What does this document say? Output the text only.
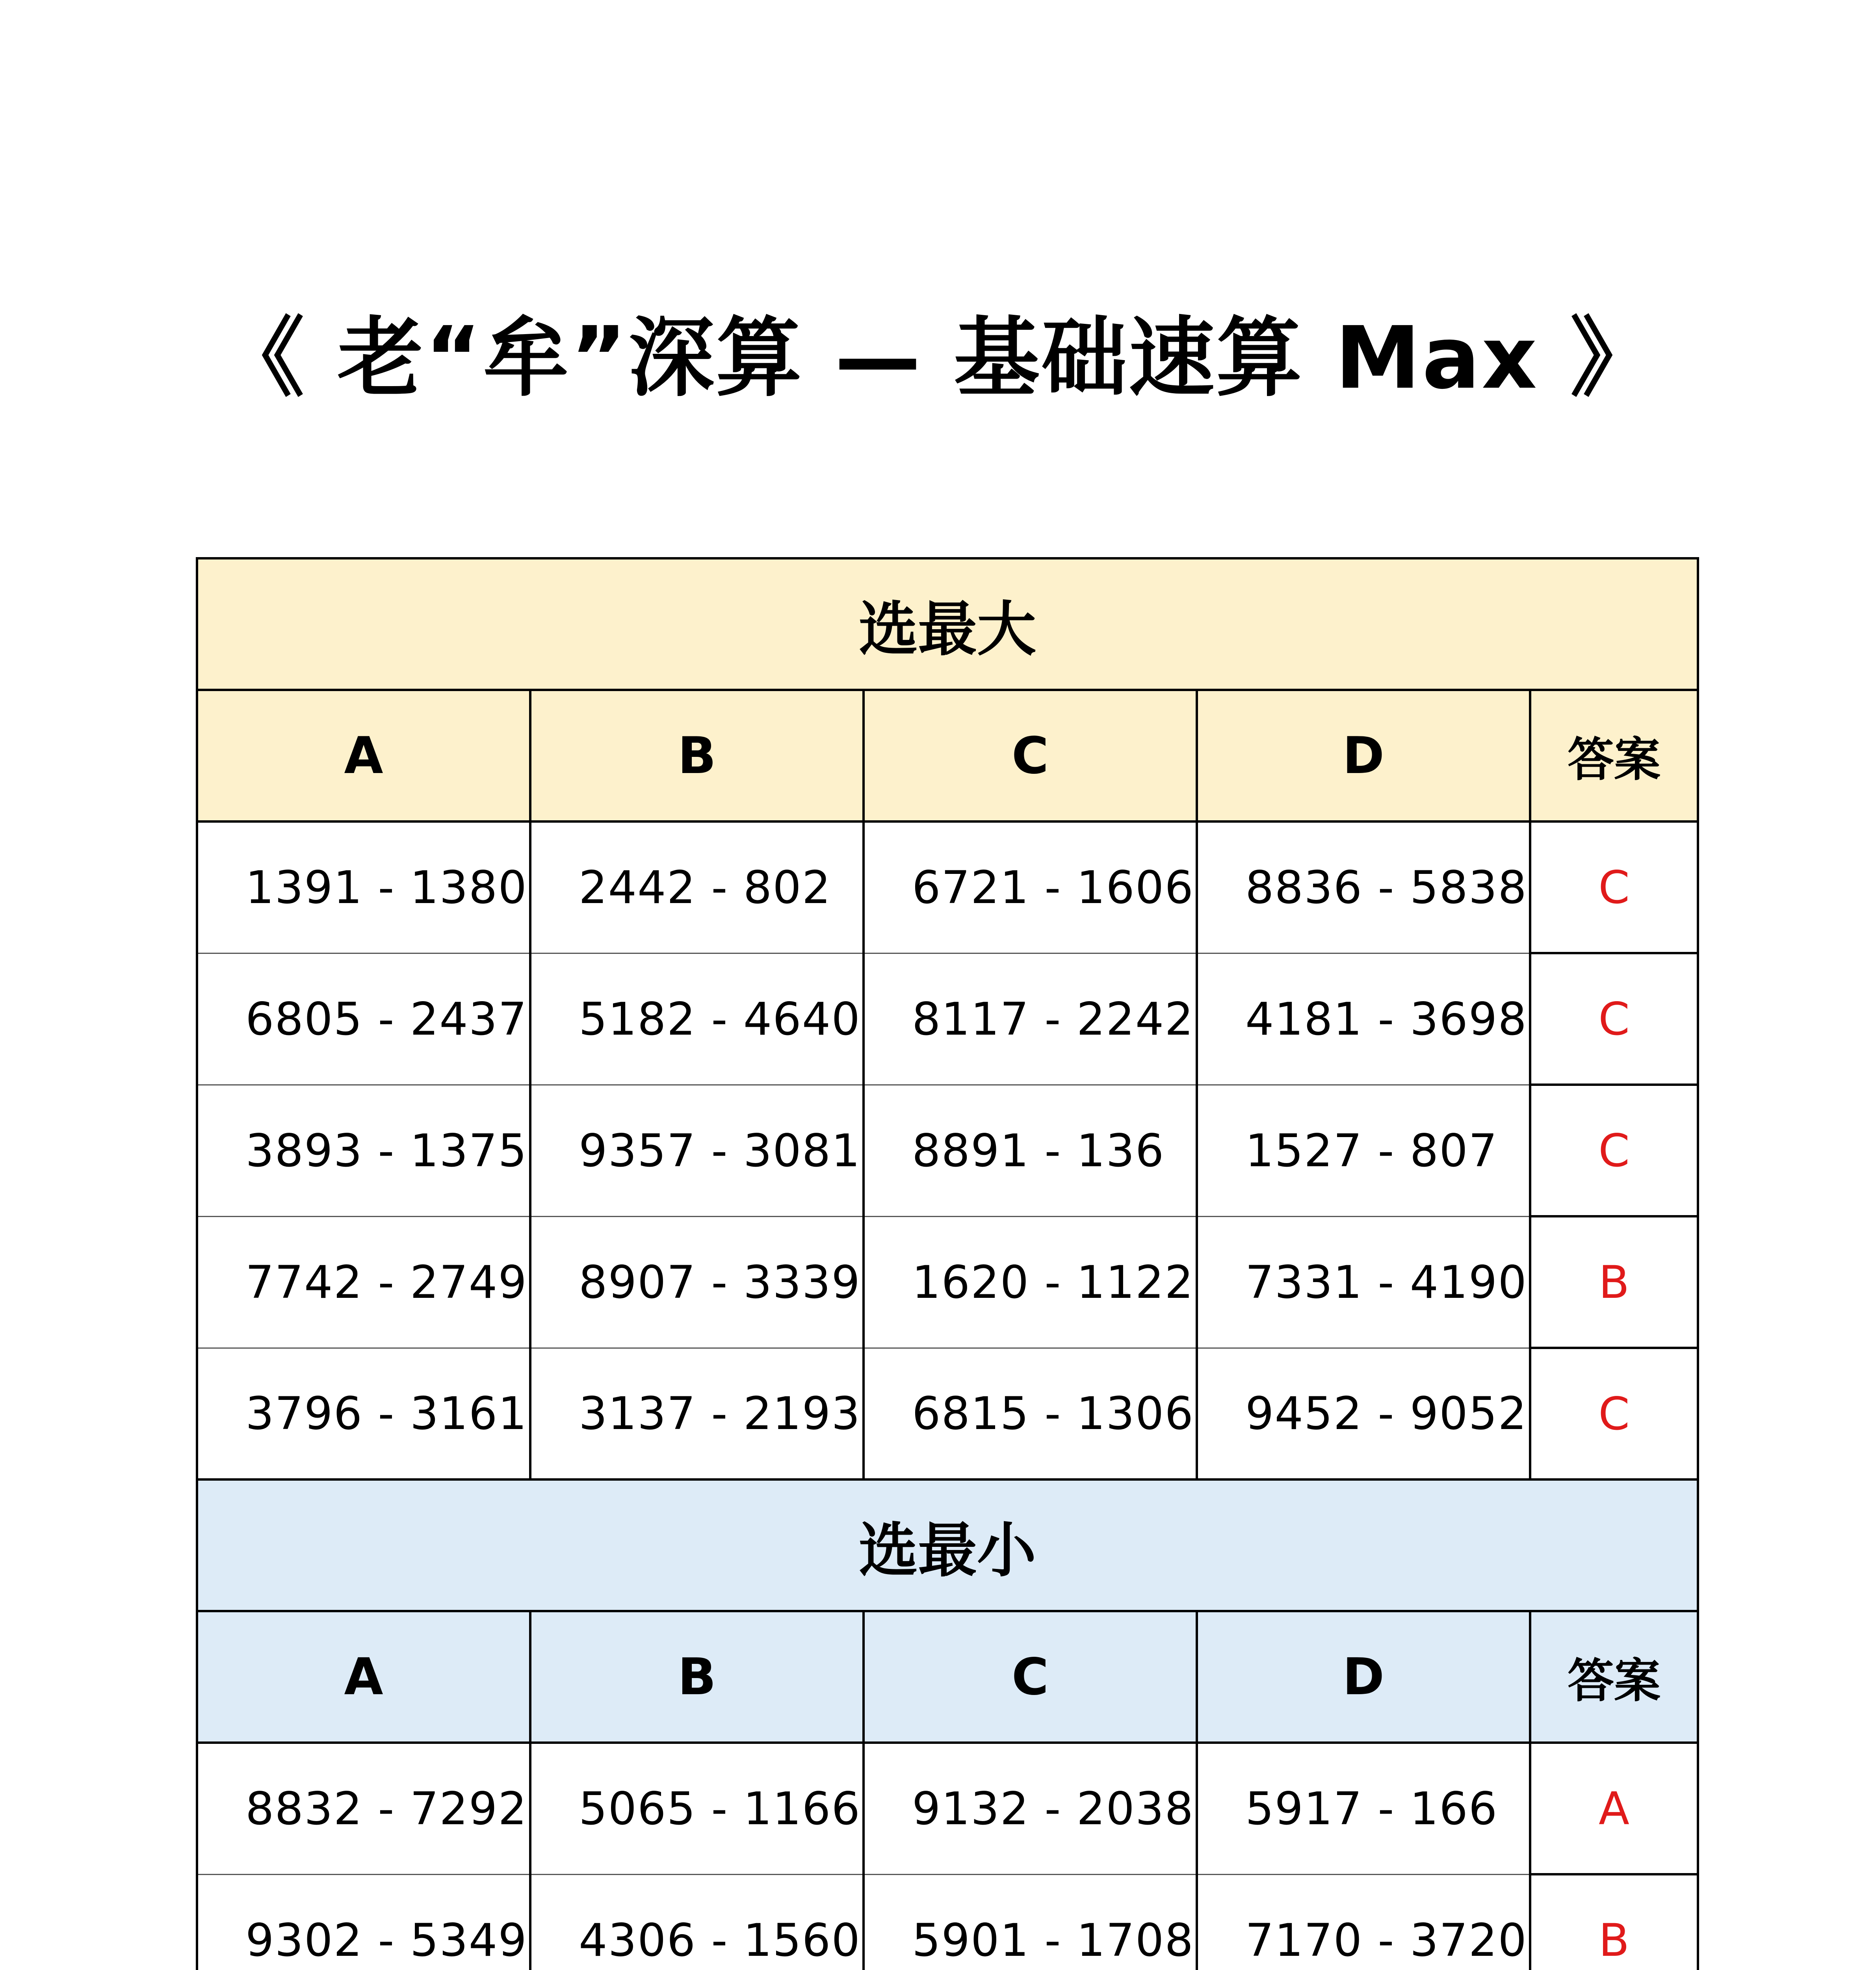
《 老“牟”深算 — 基础速算 Max 》
选最大				
A	B	C	D	答案
1391 - 1380	2442 - 802	6721 - 1606	8836 - 5838	C
6805 - 2437	5182 - 4640	8117 - 2242	4181 - 3698	C
3893 - 1375	9357 - 3081	8891 - 136	1527 - 807	C
7742 - 2749	8907 - 3339	1620 - 1122	7331 - 4190	B
3796 - 3161	3137 - 2193	6815 - 1306	9452 - 9052	C
选最小				
A	B	C	D	答案
8832 - 7292	5065 - 1166	9132 - 2038	5917 - 166	A
9302 - 5349	4306 - 1560	5901 - 1708	7170 - 3720	B
